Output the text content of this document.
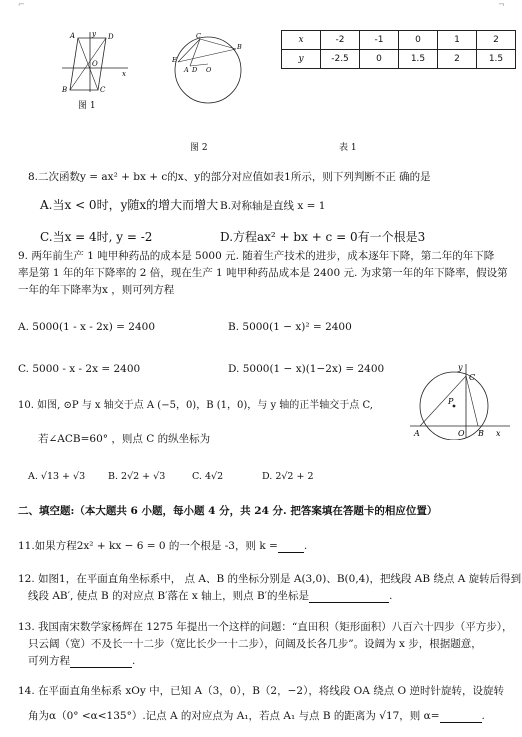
⌐	¬
y
A	D
O
x
B	C
图 1
C
B
E
A D O
图 2
x	-2	-1	0	1	2
y	-2.5	0	1.5	2	1.5
表 1
8.二次函数y = ax² + bx + c的x、y的部分对应值如表1所示，则下列判断不正 确的是
A.当x < 0时，y随x的增大而增大 B.对称轴是直线 x = 1
C.当x = 4时, y = -2	D.方程ax² + bx + c = 0有一个根是3
9. 两年前生产 1 吨甲种药品的成本是 5000 元. 随着生产技术的进步，成本逐年下降，第二年的年下降
率是第 1 年的年下降率的 2 倍，现在生产 1 吨甲种药品成本是 2400 元. 为求第一年的年下降率，假设第
一年的年下降率为x ，则可列方程
A. 5000(1 - x - 2x) = 2400	B. 5000(1 − x)² = 2400
C. 5000 - x - 2x = 2400	D. 5000(1 − x)(1−2x) = 2400	y
C
P
A	O B x
10. 如图, ⊙P 与 x 轴交于点 A (−5，0)，B (1，0)，与 y 轴的正半轴交于点 C,
若∠ACB=60° ，则点 C 的纵坐标为
A. √13 + √3 B. 2√2 + √3	C. 4√2	D. 2√2 + 2
二、填空题:（本大题共 6 小题，每小题 4 分，共 24 分. 把答案填在答题卡的相应位置）
11.如果方程2x² + kx − 6 = 0 的一个根是 -3，则 k = .
12. 如图1，在平面直角坐标系中， 点 A、B 的坐标分别是 A(3,0)、B(0,4)，把线段 AB 绕点 A 旋转后得到
线段 AB′, 使点 B 的对应点 B′落在 x 轴上，则点 B′的坐标是	.
13. 我国南宋数学家杨辉在 1275 年提出一个这样的问题：“直田积（矩形面积）八百六十四步（平方步），
只云阔（宽）不及长一十二步（宽比长少一十二步），问阔及长各几步”。设阔为 x 步，根据题意，
可列方程	.
14. 在平面直角坐标系 xOy 中，已知 A（3，0），B（2，−2），将线段 OA 绕点 O 逆时针旋转，设旋转
角为α（0° <α<135°）.记点 A 的对应点为 A₁，若点 A₁ 与点 B 的距离为 √17，则 α=	.
